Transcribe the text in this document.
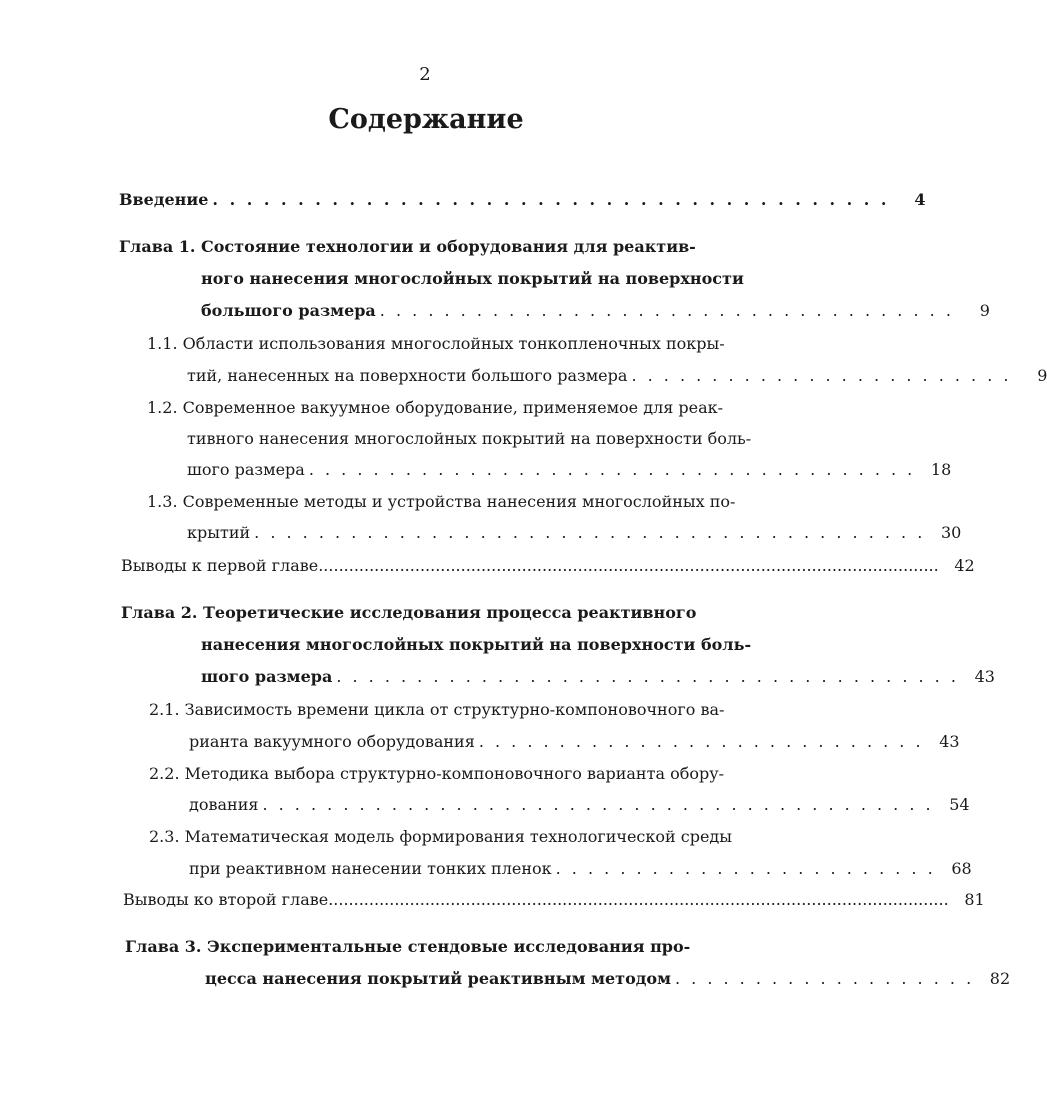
2
Содержание
Введение . . . . . . . . . . . . . . . . . . . . . . . . . . . . . . . . . . . . . . . .	4
Глава 1. Состояние технологии и оборудования для реактив-
ного нанесения многослойных покрытий на поверхности
большого размера . . . . . . . . . . . . . . . . . . . . . . . . . . . . . . . . . . . .	9
1.1. Области использования многослойных тонкопленочных покры-
тий, нанесенных на поверхности большого размера . . . . . . . . . . . . . . . . . . . . . . . .	9
1.2. Современное вакуумное оборудование, применяемое для реак-
тивного нанесения многослойных покрытий на поверхности боль-
шого размера . . . . . . . . . . . . . . . . . . . . . . . . . . . . . . . . . . . . . . 18
1.3. Современные методы и устройства нанесения многослойных по-
крытий . . . . . . . . . . . . . . . . . . . . . . . . . . . . . . . . . . . . . . . . . . 30
Выводы к первой главе .......................................................................................................................... 42
Глава 2. Теоретические исследования процесса реактивного
нанесения многослойных покрытий на поверхности боль-
шого размера . . . . . . . . . . . . . . . . . . . . . . . . . . . . . . . . . . . . . . . 43
2.1. Зависимость времени цикла от структурно-компоновочного ва-
рианта вакуумного оборудования . . . . . . . . . . . . . . . . . . . . . . . . . . . . 43
2.2. Методика выбора структурно-компоновочного варианта обору-
дования . . . . . . . . . . . . . . . . . . . . . . . . . . . . . . . . . . . . . . . . . . 54
2.3. Математическая модель формирования технологической среды
при реактивном нанесении тонких пленок . . . . . . . . . . . . . . . . . . . . . . . . 68
Выводы ко второй главе .......................................................................................................................... 81
Глава 3. Экспериментальные стендовые исследования про-
цесса нанесения покрытий реактивным методом . . . . . . . . . . . . . . . . . . . 82
